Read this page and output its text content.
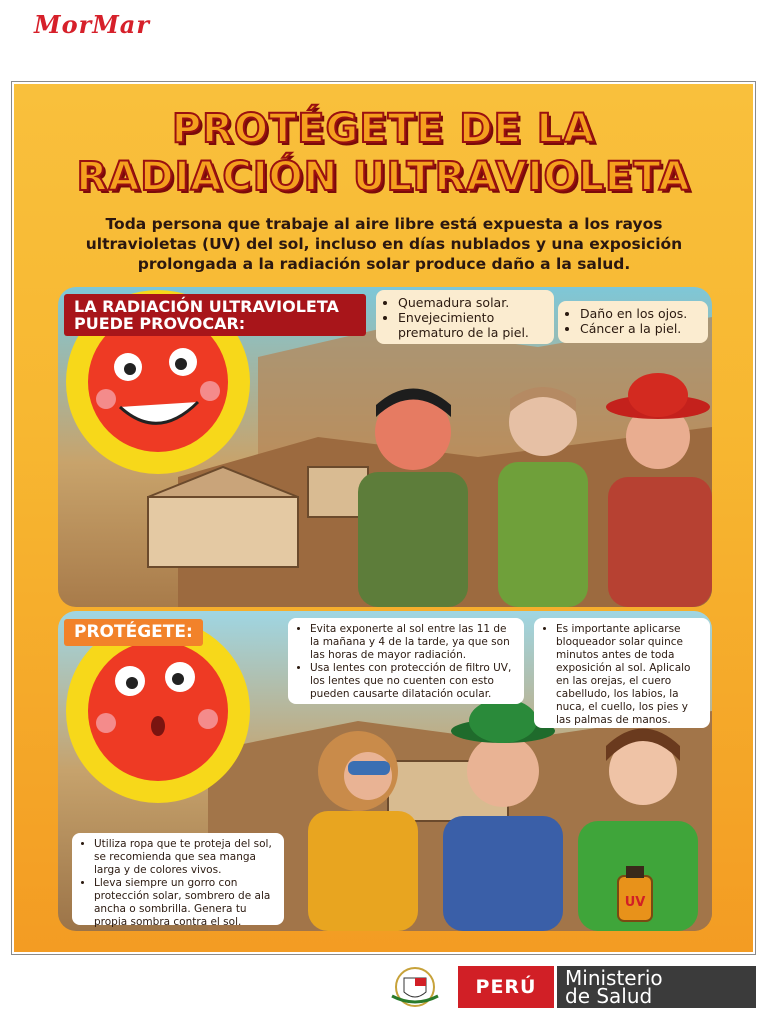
MorMar
PROTÉGETE DE LA
RADIACIÓN ULTRAVIOLETA
Toda persona que trabaje al aire libre está expuesta a los rayos ultravioletas (UV) del sol, incluso en días nublados y una exposición prolongada a la radiación solar produce daño a la salud.
LA RADIACIÓN ULTRAVIOLETA
PUEDE PROVOCAR:
• Quemadura solar.
• Envejecimiento prematuro de la piel.
• Daño en los ojos.
• Cáncer a la piel.
UV
PROTÉGETE:
•	Evita exponerte al sol entre las 11 de la mañana y 4 de la tarde, ya que son las horas de mayor radiación.
• Usa lentes con protección de filtro UV, los lentes que no cuenten con esto pueden causarte dilatación ocular.
• Es importante aplicarse bloqueador solar quince minutos antes de toda exposición al sol. Aplicalo en las orejas, el cuero cabelludo, los labios, la nuca, el cuello, los pies y las palmas de manos.
• Utiliza ropa que te proteja del sol, se recomienda que sea manga larga y de colores vivos.
• Lleva siempre un gorro con protección solar, sombrero de ala ancha o sombrilla. Genera tu propia sombra contra el sol.
PERÚ	Ministerio
de Salud
